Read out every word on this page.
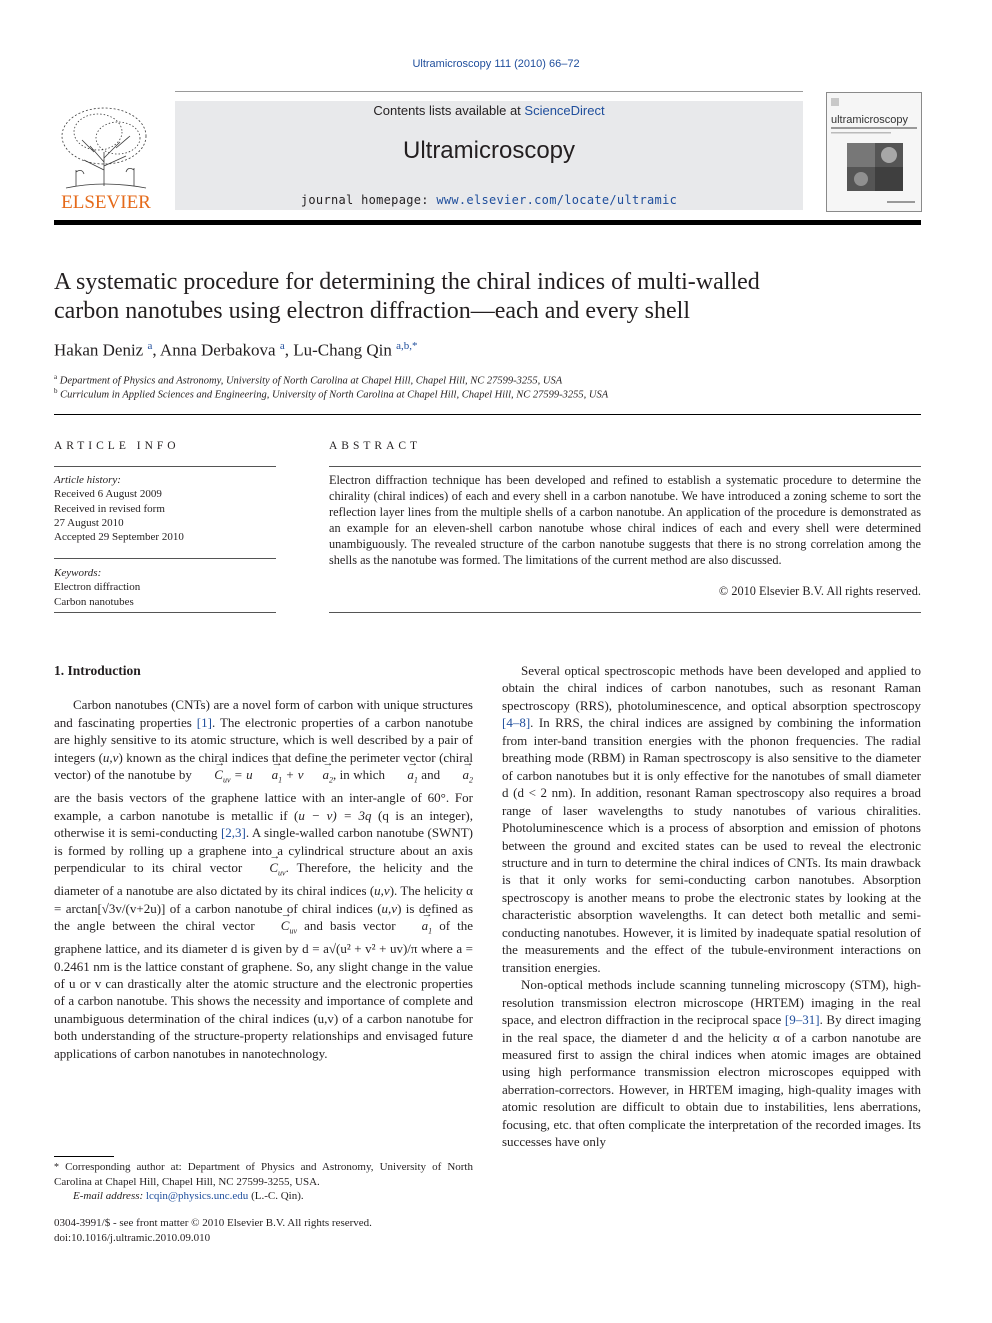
Ultramicroscopy 111 (2010) 66–72
ELSEVIER
Contents lists available at ScienceDirect
Ultramicroscopy
journal homepage: www.elsevier.com/locate/ultramic
ultramicroscopy
A systematic procedure for determining the chiral indices of multi-walled
carbon nanotubes using electron diffraction—each and every shell
Hakan Deniz $^a$, Anna Derbakova $^a$, Lu-Chang Qin $^{a,b,*}$
$^a$ Department of Physics and Astronomy, University of North Carolina at Chapel Hill, Chapel Hill, NC 27599-3255, USA
$^b$ Curriculum in Applied Sciences and Engineering, University of North Carolina at Chapel Hill, Chapel Hill, NC 27599-3255, USA
ARTICLE INFO	ABSTRACT
Article history:
Received 6 August 2009
Received in revised form
27 August 2010
Accepted 29 September 2010
Keywords:
Electron diffraction
Carbon nanotubes
Electron diffraction technique has been developed and refined to establish a systematic procedure to determine the chirality (chiral indices) of each and every shell in a carbon nanotube. We have introduced a zoning scheme to sort the reflection layer lines from the multiple shells of a carbon nanotube. An application of the procedure is demonstrated as an example for an eleven-shell carbon nanotube whose chiral indices of each and every shell were determined unambiguously. The revealed structure of the carbon nanotube suggests that there is no strong correlation among the shells as the nanotube was formed. The limitations of the current method are also discussed.
© 2010 Elsevier B.V. All rights reserved.

1. Introduction

Carbon nanotubes (CNTs) are a novel form of carbon with unique structures and fascinating properties [1]. The electronic properties of a carbon nanotube are highly sensitive to its atomic structure, which is well described by a pair of integers (u,v) known as the chiral indices that define the perimeter vector (chiral vector) of the nanotube by → $C_{uv} = u \to a_1 + v \to a_2$, in which → $a_1$ and → $a_2$ are the basis vectors of the graphene lattice with an inter-angle of 60°. For example, a carbon nanotube is metallic if (u − v) = 3q (q is an integer), otherwise it is semi-conducting [2,3]. A single-walled carbon nanotube (SWNT) is formed by rolling up a graphene into a cylindrical structure about an axis perpendicular to its chiral vector → $C_{uv}$. Therefore, the helicity and the diameter of a nanotube are also dictated by its chiral indices (u,v). The helicity α = arctan[√3v/(v+2u)] of a carbon nanotube of chiral indices (u,v) is defined as the angle between the chiral vector → $C_{uv}$ and basis vector → $a_1$ of the graphene lattice, and its diameter d is given by d = a√(u² + v² + uv)/π where a = 0.2461 nm is the lattice constant of graphene. So, any slight change in the value of u or v can drastically alter the atomic structure and the electronic properties of a carbon nanotube. This shows the necessity and importance of complete and unambiguous determination of the chiral indices (u,v) of a carbon nanotube for both understanding of the structure-property relationships and envisaged future applications of carbon nanotubes in nanotechnology.

Several optical spectroscopic methods have been developed and applied to obtain the chiral indices of carbon nanotubes, such as resonant Raman spectroscopy (RRS), photoluminescence, and optical absorption spectroscopy [4–8]. In RRS, the chiral indices are assigned by combining the information from inter-band transition energies with the phonon frequencies. The radial breathing mode (RBM) in Raman spectroscopy is also sensitive to the diameter of carbon nanotubes but it is only effective for the nanotubes of small diameter d (d < 2 nm). In addition, resonant Raman spectroscopy also requires a broad range of laser wavelengths to study nanotubes of various chiralities. Photoluminescence which is a process of absorption and emission of photons between the ground and excited states can be used to reveal the electronic structure and in turn to determine the chiral indices of CNTs. Its main drawback is that it only works for semi-conducting carbon nanotubes. Absorption spectroscopy is another means to probe the electronic states by looking at the characteristic absorption wavelengths. It can detect both metallic and semi-conducting nanotubes. However, it is limited by inadequate spatial resolution of the measurements and the effect of the tubule-environment interactions on transition energies.

Non-optical methods include scanning tunneling microscopy (STM), high-resolution transmission electron microscope (HRTEM) imaging in the real space, and electron diffraction in the reciprocal space [9–31]. By direct imaging in the real space, the diameter d and the helicity α of a carbon nanotube are measured first to assign the chiral indices when atomic images are obtained using high performance transmission electron microscopes equipped with aberration-correctors. However, in HRTEM imaging, high-quality images with atomic resolution are difficult to obtain due to instabilities, lens aberrations, focusing, etc. that often complicate the interpretation of the recorded images. Its successes have only

* Corresponding author at: Department of Physics and Astronomy, University of North Carolina at Chapel Hill, Chapel Hill, NC 27599-3255, USA.
E-mail address: lcqin@physics.unc.edu (L.-C. Qin).
0304-3991/$ - see front matter © 2010 Elsevier B.V. All rights reserved.
doi:10.1016/j.ultramic.2010.09.010
